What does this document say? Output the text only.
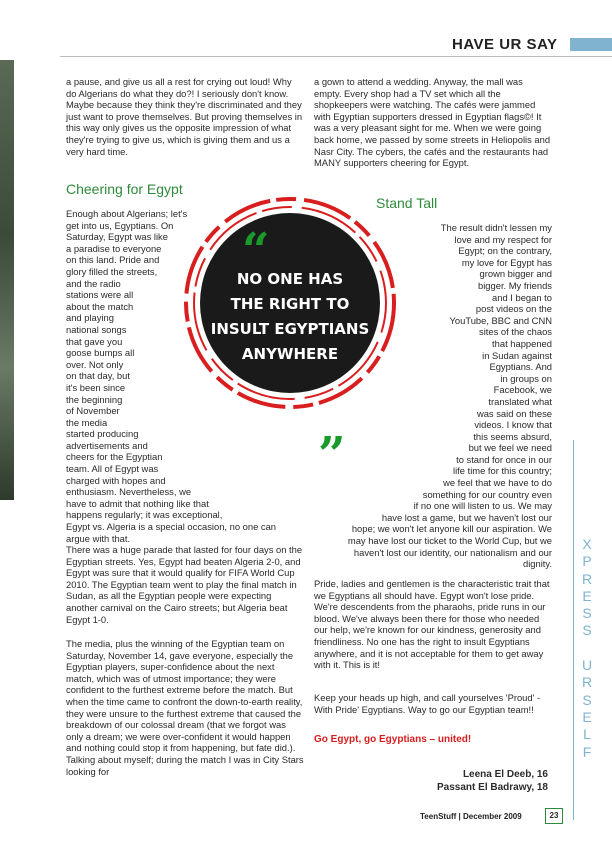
HAVE UR SAY
a pause, and give us all a rest for crying out loud! Why do Algerians do what they do?! I seriously don't know. Maybe because they think they're discriminated and they just want to prove themselves. But proving themselves in this way only gives us the opposite impression of what they're trying to give us, which is giving them and us a very hard time.
a gown to attend a wedding. Anyway, the mall was empty. Every shop had a TV set which all the shopkeepers were watching. The cafés were jammed with Egyptian supporters dressed in Egyptian flags©! It was a very pleasant sight for me. When we were going back home, we passed by some streets in Heliopolis and Nasr City. The cybers, the cafés and the restaurants had MANY supporters cheering for Egypt.
Cheering for Egypt
Stand Tall
Enough about Algerians; let's
get into us, Egyptians. On
Saturday, Egypt was like
a paradise to everyone
on this land. Pride and
glory filled the streets,
and the radio
stations were all
about the match
and playing
national songs
that gave you
goose bumps all
over. Not only
on that day, but
it's been since
the beginning
of November
the media
started producing
advertisements and
cheers for the Egyptian
team. All of Egypt was
charged with hopes and
enthusiasm. Nevertheless, we
have to admit that nothing like that
happens regularly; it was exceptional,
Egypt vs. Algeria is a special occasion, no one can
argue with that.
There was a huge parade that lasted for four days on the Egyptian streets. Yes, Egypt had beaten Algeria 2-0, and Egypt was sure that it would qualify for FIFA World Cup 2010. The Egyptian team went to play the final match in Sudan, as all the Egyptian people were expecting another carnival on the Cairo streets; but Algeria beat Egypt 1-0.
The media, plus the winning of the Egyptian team on Saturday, November 14, gave everyone, especially the Egyptian players, super-confidence about the next match, which was of utmost importance; they were confident to the furthest extreme before the match. But when the time came to confront the down-to-earth reality, they were unsure to the furthest extreme that caused the breakdown of our colossal dream (that we forgot was only a dream; we were over-confident it would happen and nothing could stop it from happening, but fate did.). Talking about myself; during the match I was in City Stars looking for
The result didn't lessen my
love and my respect for
Egypt; on the contrary,
my love for Egypt has
grown bigger and
bigger. My friends
and I began to
post videos on the
YouTube, BBC and CNN
sites of the chaos
that happened
in Sudan against
Egyptians. And
in groups on
Facebook, we
translated what
was said on these
videos. I know that
this seems absurd,
but we feel we need
to stand for once in our
life time for this country;
we feel that we have to do
something for our country even
if no one will listen to us. We may
have lost a game, but we haven't lost our
hope; we won't let anyone kill our aspiration. We
may have lost our ticket to the World Cup, but we
haven't lost our identity, our nationalism and our
dignity.
Pride, ladies and gentlemen is the characteristic trait that we Egyptians all should have. Egypt won't lose pride. We're descendents from the pharaohs, pride runs in our blood. We've always been there for those who needed our help, we're known for our kindness, generosity and friendliness. No one has the right to insult Egyptians anywhere, and it is not acceptable for them to get away with it. This is it!
Keep your heads up high, and call yourselves 'Proud' - With Pride' Egyptians. Way to go our Egyptian team!!
Go Egypt, go Egyptians – united!
“
”
NO ONE HAS
THE RIGHT TO
INSULT EGYPTIANS
ANYWHERE
X
P
R
E
S
S
U
R
S
E
L
F
Leena El Deeb, 16
Passant El Badrawy, 18
TeenStuff | December 2009	23
